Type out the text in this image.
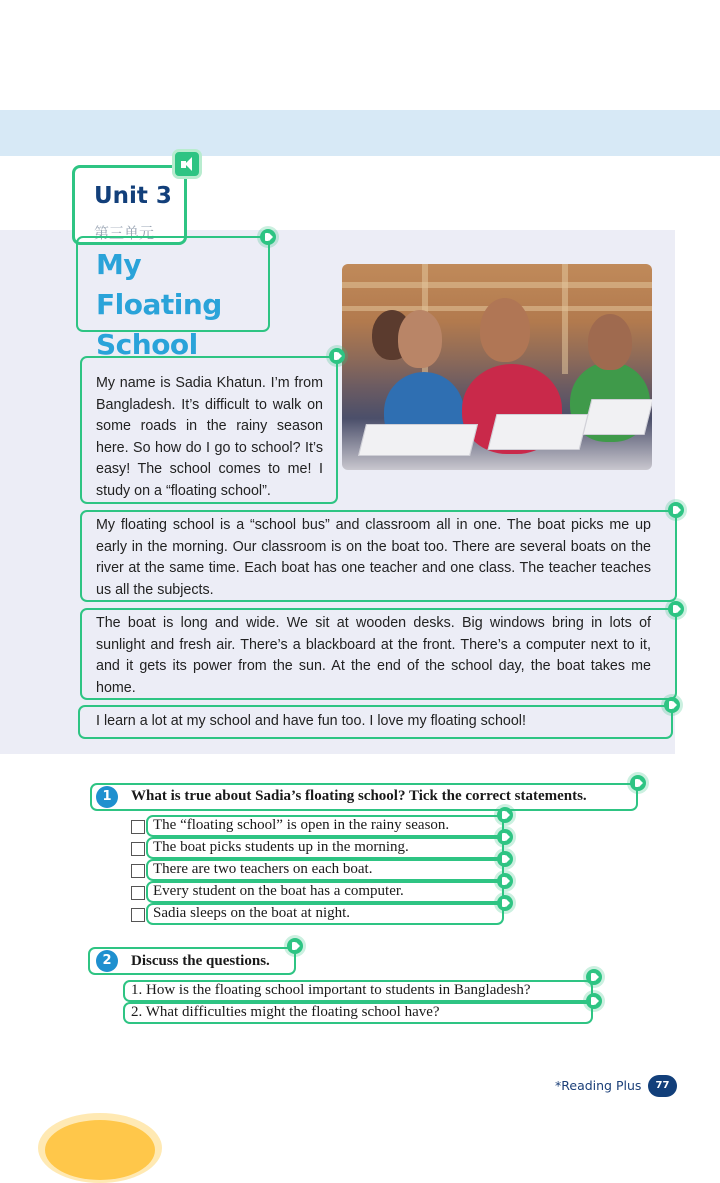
Unit 3
第三单元
My Floating
School
My name is Sadia Khatun. I’m from Bangladesh. It’s difficult to walk on some roads in the rainy season here. So how do I go to school? It’s easy! The school comes to me! I study on a “floating school”.
My floating school is a “school bus” and classroom all in one. The boat picks me up early in the morning. Our classroom is on the boat too. There are several boats on the river at the same time. Each boat has one teacher and one class. The teacher teaches us all the subjects.
The boat is long and wide. We sit at wooden desks. Big windows bring in lots of sunlight and fresh air. There’s a blackboard at the front. There’s a computer next to it, and it gets its power from the sun. At the end of the school day, the boat takes me home.
I learn a lot at my school and have fun too. I love my floating school!
1	What is true about Sadia’s floating school? Tick the correct statements.
The “floating school” is open in the rainy season.
The boat picks students up in the morning.
There are two teachers on each boat.
Every student on the boat has a computer.
Sadia sleeps on the boat at night.
2	Discuss the questions.
1. How is the floating school important to students in Bangladesh?
2. What difficulties might the floating school have?
*Reading Plus	77
